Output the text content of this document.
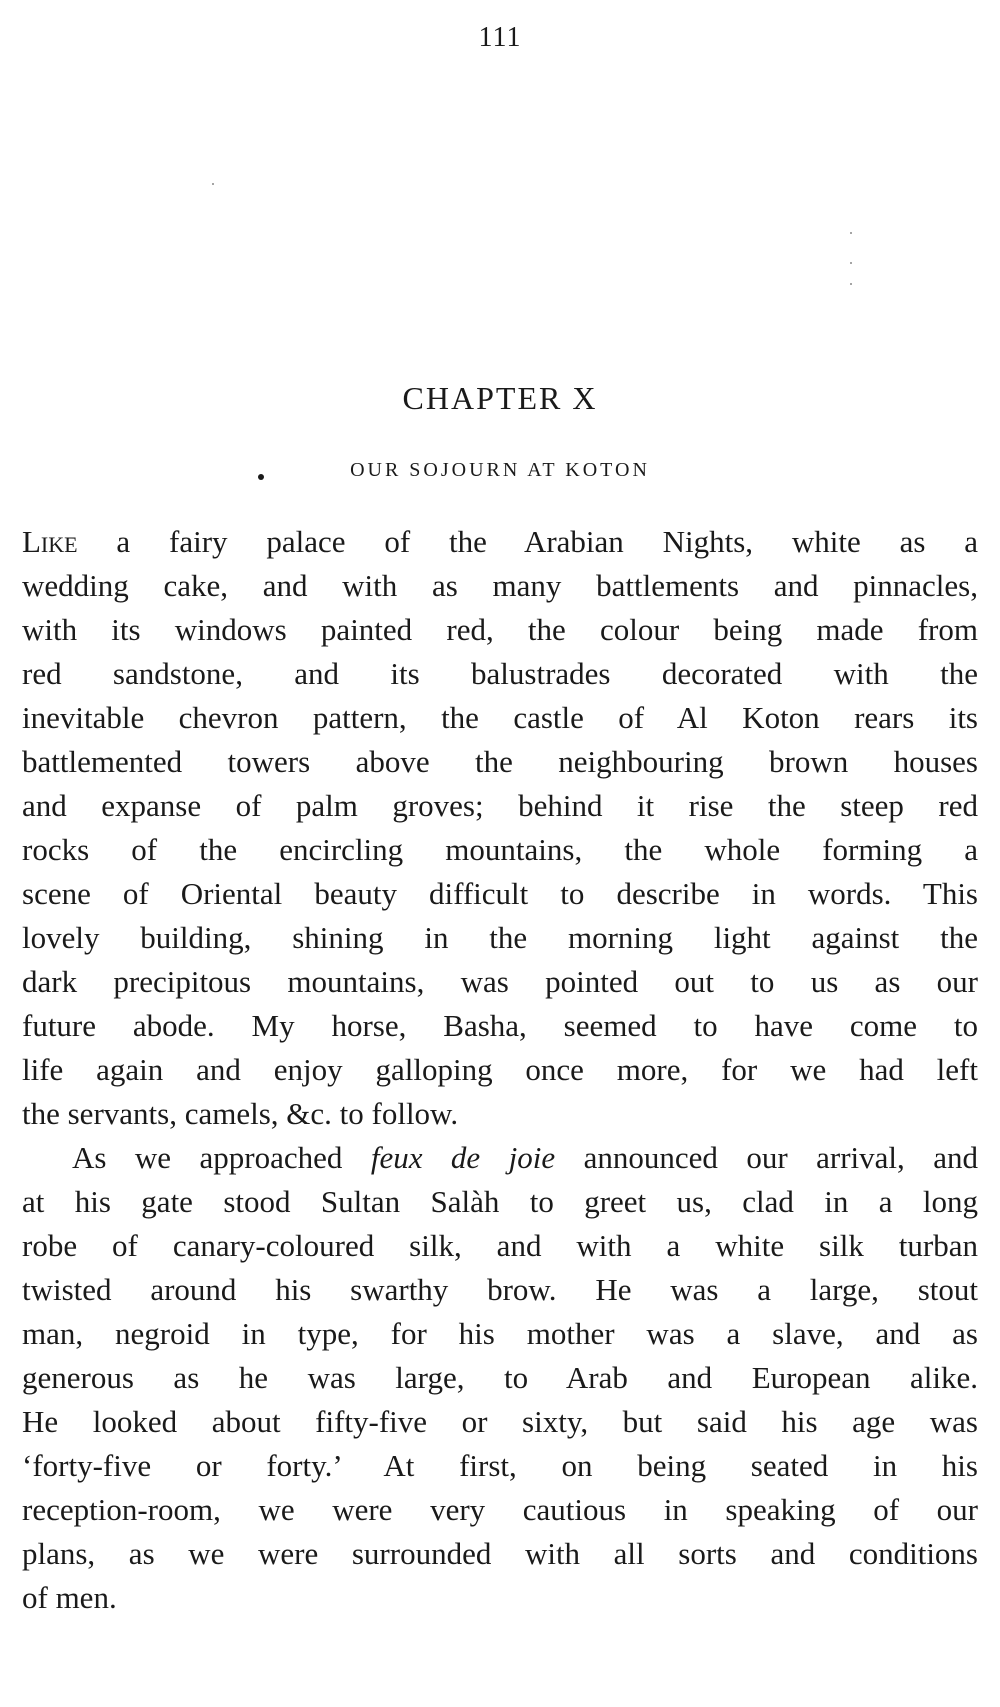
111
CHAPTER X
OUR SOJOURN AT KOTON
Like a fairy palace of the Arabian Nights, white as a
wedding cake, and with as many battlements and pinnacles,
with its windows painted red, the colour being made from
red sandstone, and its balustrades decorated with the
inevitable chevron pattern, the castle of Al Koton rears its
battlemented towers above the neighbouring brown houses
and expanse of palm groves; behind it rise the steep red
rocks of the encircling mountains, the whole forming a
scene of Oriental beauty difficult to describe in words. This
lovely building, shining in the morning light against the
dark precipitous mountains, was pointed out to us as our
future abode. My horse, Basha, seemed to have come to
life again and enjoy galloping once more, for we had left
the servants, camels, &c. to follow.
As we approached feux de joie announced our arrival, and
at his gate stood Sultan Salàh to greet us, clad in a long
robe of canary-coloured silk, and with a white silk turban
twisted around his swarthy brow. He was a large, stout
man, negroid in type, for his mother was a slave, and as
generous as he was large, to Arab and European alike.
He looked about fifty-five or sixty, but said his age was
‘forty-five or forty.’ At first, on being seated in his
reception-room, we were very cautious in speaking of our
plans, as we were surrounded with all sorts and conditions
of men.
